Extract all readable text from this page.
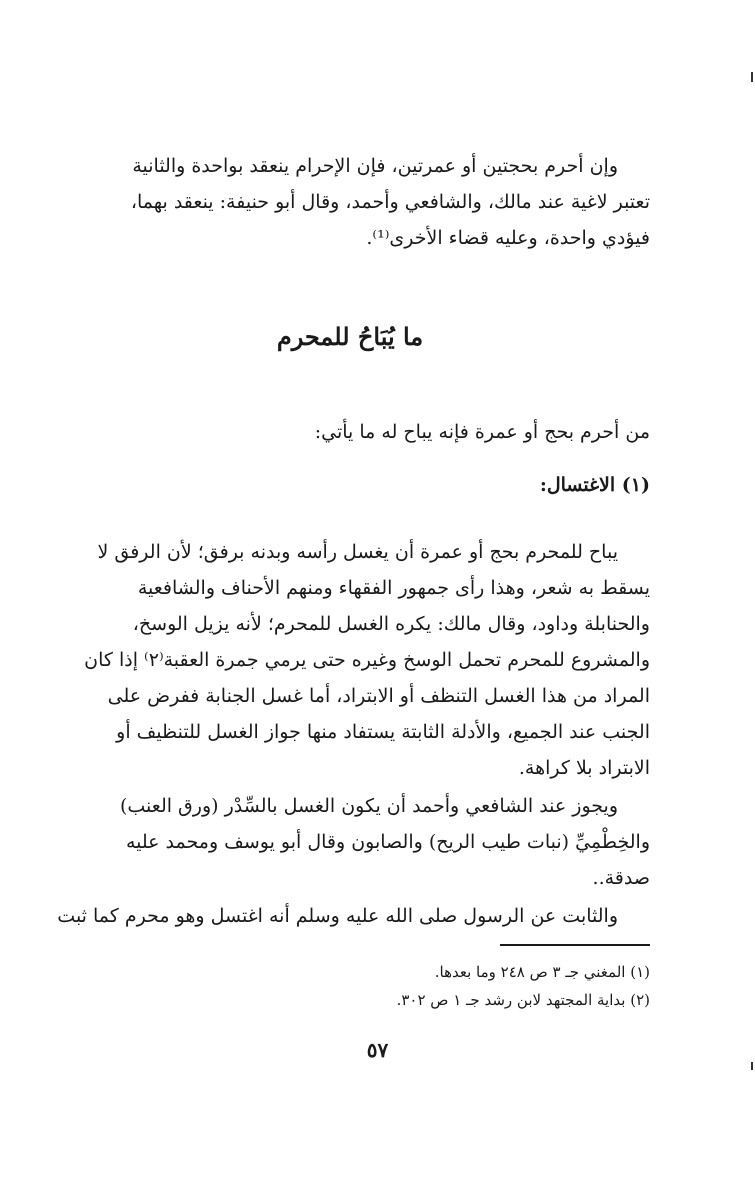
وإن أحرم بحجتين أو عمرتين، فإن الإحرام ينعقد بواحدة والثانية
تعتبر لاغية عند مالك، والشافعي وأحمد، وقال أبو حنيفة: ينعقد بهما،
فيؤدي واحدة، وعليه قضاء الأخرى⁽¹⁾.
ما يُبَاحُ للمحرم
من أحرم بحج أو عمرة فإنه يباح له ما يأتي:
(١) الاغتسال:
يباح للمحرم بحج أو عمرة أن يغسل رأسه وبدنه برفق؛ لأن الرفق لا
يسقط به شعر، وهذا رأى جمهور الفقهاء ومنهم الأحناف والشافعية
والحنابلة وداود، وقال مالك: يكره الغسل للمحرم؛ لأنه يزيل الوسخ،
والمشروع للمحرم تحمل الوسخ وغيره حتى يرمي جمرة العقبة⁽٢⁾ إذا كان
المراد من هذا الغسل التنظف أو الابتراد، أما غسل الجنابة ففرض على
الجنب عند الجميع، والأدلة الثابتة يستفاد منها جواز الغسل للتنظيف أو
الابتراد بلا كراهة.
ويجوز عند الشافعي وأحمد أن يكون الغسل بالسِّدْر (ورق العنب)
والخِطْمِيِّ (نبات طيب الريح) والصابون وقال أبو يوسف ومحمد عليه
صدقة..
والثابت عن الرسول صلى الله عليه وسلم أنه اغتسل وهو محرم كما ثبت
(١) المغني جـ ٣ ص ٢٤٨ وما بعدها.
(٢) بداية المجتهد لابن رشد جـ ١ ص ٣٠٢.
٥٧
